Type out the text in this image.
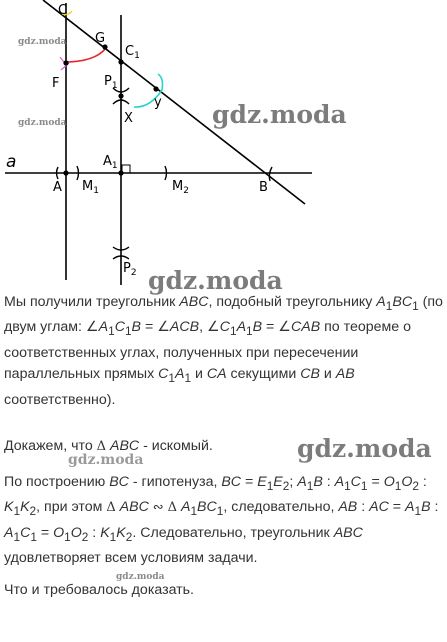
C
G
$C_1$
F	$P_1$
y
X
a	$A_1$
A $M_1$	$M_2$	B
$P_2$
gdz.moda
gdz.moda	gdz.moda
gdz.moda
gdz.moda
gdz.moda
gdz.moda

Мы получили треугольник ABC, подобный треугольнику $A_1BC_1$ (по двум углам: $\angle A_1C_1B$ = ∠ACB, $\angle C_1A_1B$ = ∠CAB по теореме о соответственных углах, полученных при пересечении параллельных прямых $C_1A_1$ и CA секущими CB и AB соответственно).

Докажем, что Δ ABC - искомый.

По построению BC - гипотенуза, BC = $E_1E_2$; $A_1B$ : $A_1C_1 = O_1O_2$ : $K_1K_2$, при этом Δ ABC ∾ Δ $A_1BC_1$, следовательно, AB : AC = $A_1B$ : $A_1C_1 = O_1O_2$ : $K_1K_2$. Следовательно, треугольник ABC удовлетворяет всем условиям задачи.

Что и требовалось доказать.
